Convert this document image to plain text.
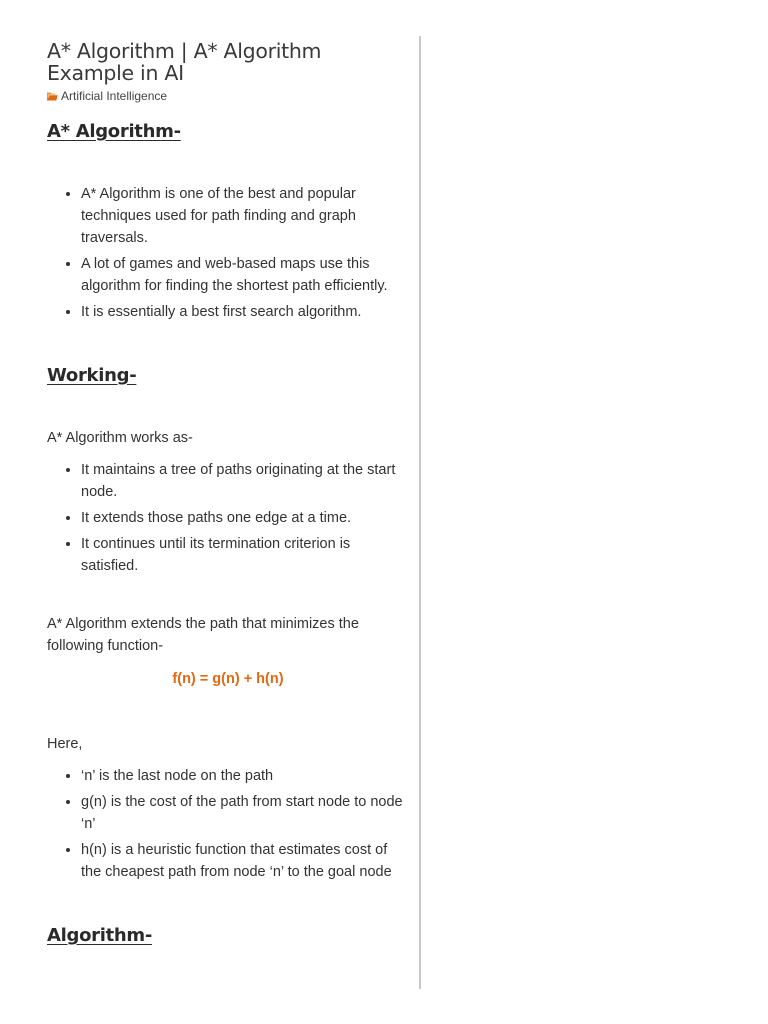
A* Algorithm | A* Algorithm Example in AI
Artificial Intelligence
A* Algorithm-
• A* Algorithm is one of the best and popular techniques used for path finding and graph traversals.
• A lot of games and web-based maps use this algorithm for finding the shortest path efficiently.
• It is essentially a best first search algorithm.
Working-

A* Algorithm works as-

• It maintains a tree of paths originating at the start node.
• It extends those paths one edge at a time.
• It continues until its termination criterion is satisfied.

A* Algorithm extends the path that minimizes the following function-

f(n) = g(n) + h(n)

Here,

• ‘n’ is the last node on the path
• g(n) is the cost of the path from start node to node ‘n’
• h(n) is a heuristic function that estimates cost of the cheapest path from node ‘n’ to the goal node
Algorithm-
